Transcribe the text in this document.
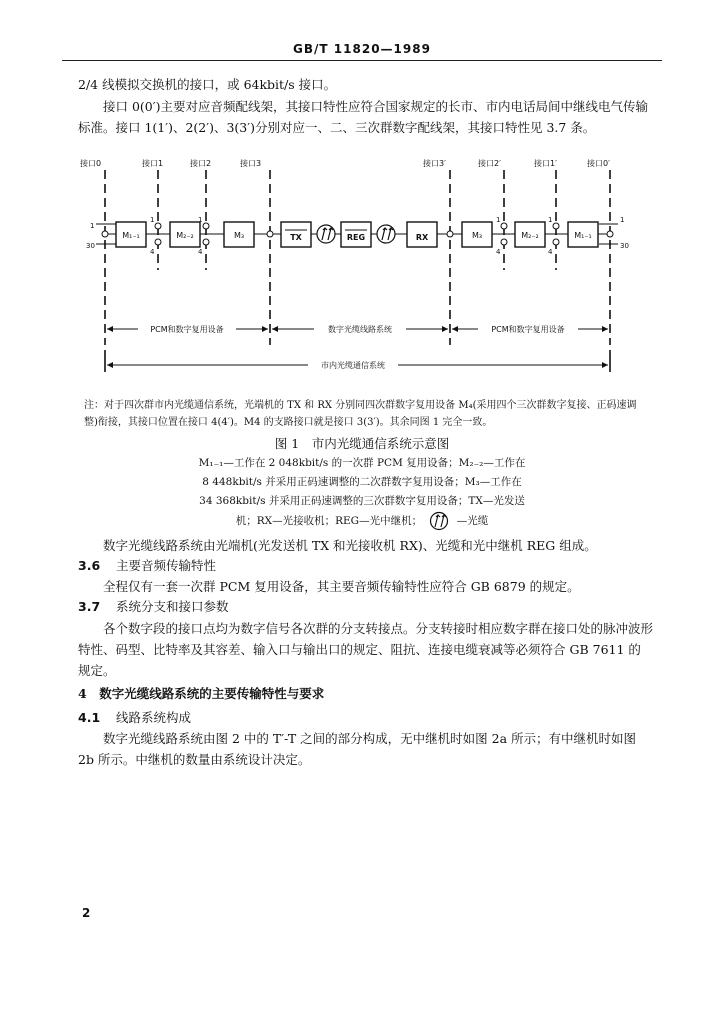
GB/T 11820—1989
2/4 线模拟交换机的接口，或 64kbit/s 接口。
接口 0(0′)主要对应音频配线架，其接口特性应符合国家规定的长市、市内电话局间中继线电气传输标准。接口 1(1′)、2(2′)、3(3′)分别对应一、二、三次群数字配线架，其接口特性见 3.7 条。
接口0	接口1	接口2	接口3	接口3′	接口2′	接口1′	接口0′
M₁₋₁	M₂₋₂	M₃	TX	REG	RX	M₃	M₂₋₂	M₁₋₁
1
30
1
4
1
4
1
4
1
4
1
30
PCM和数字复用设备	数字光缆线路系统	PCM和数字复用设备
市内光缆通信系统
注：对于四次群市内光缆通信系统，光端机的 TX 和 RX 分别同四次群数字复用设备 M₄(采用四个三次群数字复接、正码速调整)衔接，其接口位置在接口 4(4′)。M4 的支路接口就是接口 3(3′)。其余同图 1 完全一致。
图 1　市内光缆通信系统示意图
M₁₋₁—工作在 2 048kbit/s 的一次群 PCM 复用设备；M₂₋₂—工作在
8 448kbit/s 并采用正码速调整的二次群数字复用设备；M₃—工作在
34 368kbit/s 并采用正码速调整的三次群数字复用设备；TX—光发送
机；RX—光接收机；REG—光中继机；	—光缆
数字光缆线路系统由光端机(光发送机 TX 和光接收机 RX)、光缆和光中继机 REG 组成。
3.6 主要音频传输特性
全程仅有一套一次群 PCM 复用设备，其主要音频传输特性应符合 GB 6879 的规定。
3.7 系统分支和接口参数
各个数字段的接口点均为数字信号各次群的分支转接点。分支转接时相应数字群在接口处的脉冲波形特性、码型、比特率及其容差、输入口与输出口的规定、阻抗、连接电缆衰减等必须符合 GB 7611 的规定。
4　数字光缆线路系统的主要传输特性与要求
4.1 线路系统构成
数字光缆线路系统由图 2 中的 T′-T 之间的部分构成，无中继机时如图 2a 所示；有中继机时如图 2b 所示。中继机的数量由系统设计决定。
2
